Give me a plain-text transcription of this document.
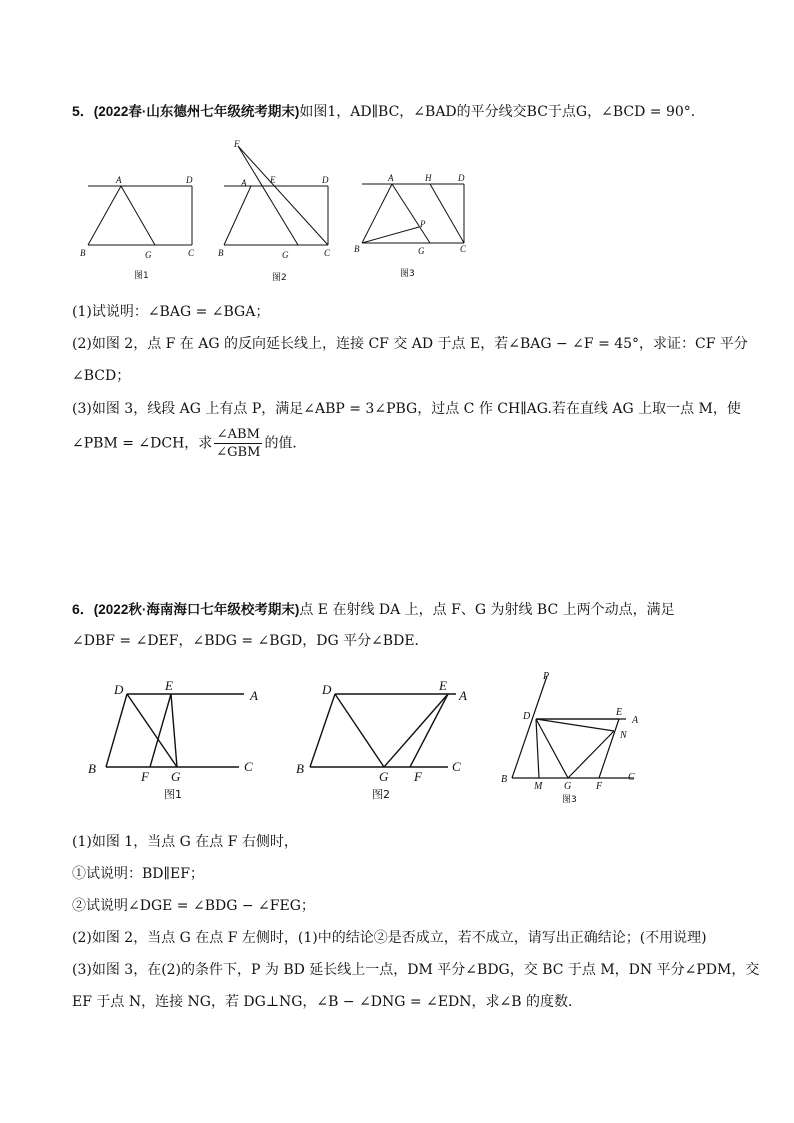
5．(2022春·山东德州七年级统考期末)如图1，AD∥BC，∠BAD的平分线交BC于点G，∠BCD = 90°．
A	D
B	G	C
图1
F
A	E	D
B	G	C
图2
A	H	D
P
B	G	C
图3
(1)试说明：∠BAG = ∠BGA；
(2)如图 2，点 F 在 AG 的反向延长线上，连接 CF 交 AD 于点 E，若∠BAG − ∠F = 45°，求证：CF 平分
∠BCD；
(3)如图 3，线段 AG 上有点 P，满足∠ABP = 3∠PBG，过点 C 作 CH∥AG.若在直线 AG 上取一点 M，使
∠PBM = ∠DCH，求 $\frac{\text{∠ABM}}{\text{∠GBM}}$ 的值．
6．(2022秋·海南海口七年级校考期末)点 E 在射线 DA 上，点 F、G 为射线 BC 上两个动点，满足
∠DBF = ∠DEF，∠BDG = ∠BGD，DG 平分∠BDE．
D	E
A
B
F G
C
图1
D	E
A
B
G F
C
图2
P
D	E
A
N
B
M G F
C
图3
(1)如图 1，当点 G 在点 F 右侧时，
①试说明：BD∥EF；
②试说明∠DGE = ∠BDG − ∠FEG；
(2)如图 2，当点 G 在点 F 左侧时，(1)中的结论②是否成立，若不成立，请写出正确结论；(不用说理)
(3)如图 3，在(2)的条件下，P 为 BD 延长线上一点，DM 平分∠BDG，交 BC 于点 M，DN 平分∠PDM，交
EF 于点 N，连接 NG，若 DG⊥NG，∠B − ∠DNG = ∠EDN，求∠B 的度数．
